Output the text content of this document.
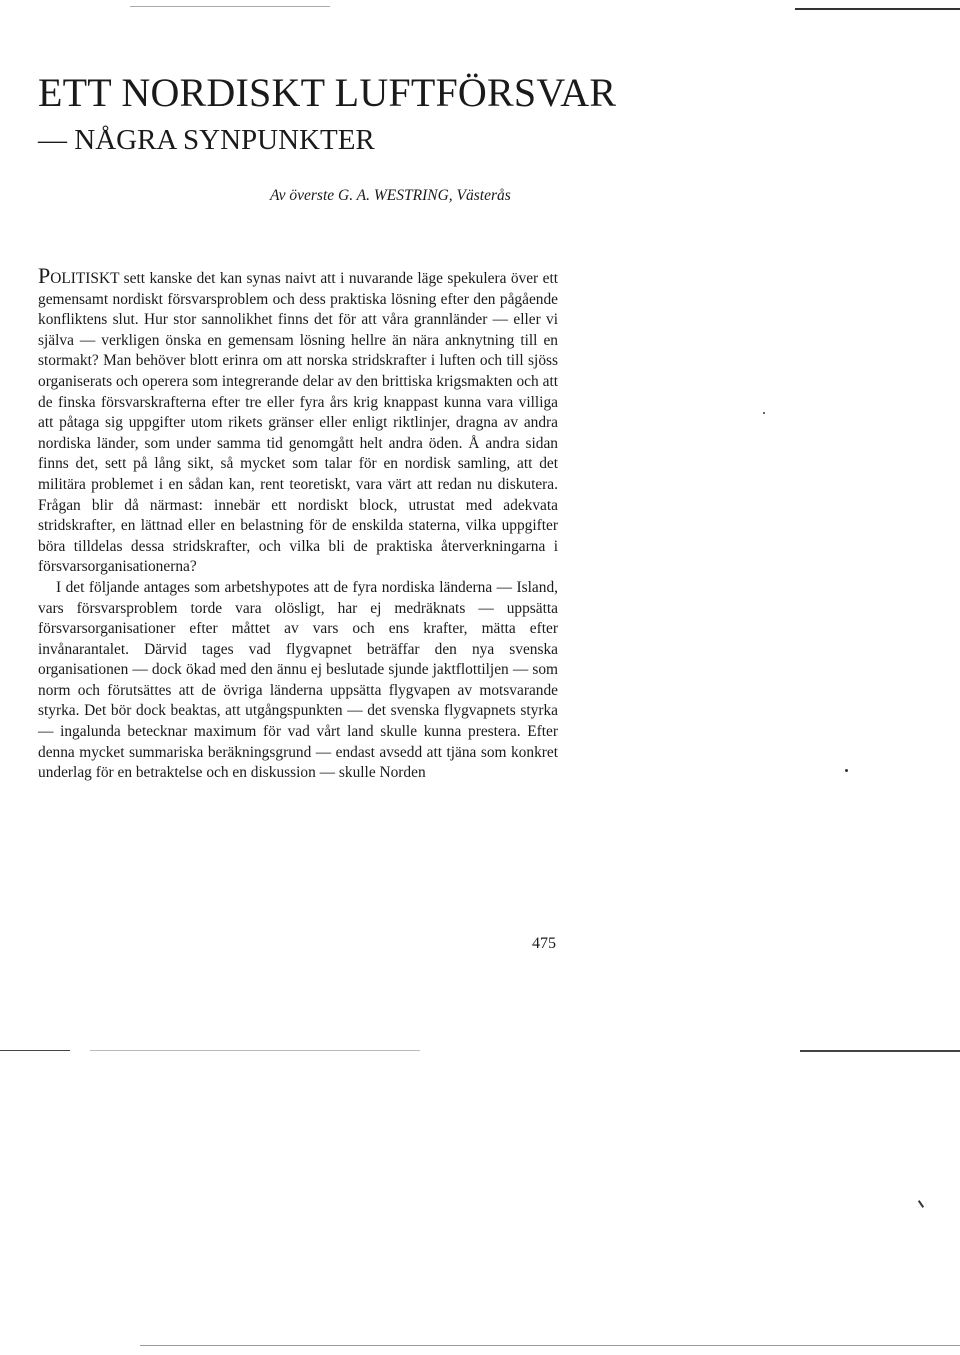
ETT NORDISKT LUFTFÖRSVAR
— NÅGRA SYNPUNKTER
Av överste G. A. WESTRING, Västerås

POLITISKT sett kanske det kan synas naivt att i nuvarande läge spekulera över ett gemensamt nordiskt försvarsproblem och dess praktiska lösning efter den pågående konfliktens slut. Hur stor sannolikhet finns det för att våra grannländer — eller vi själva — verkligen önska en gemensam lösning hellre än nära anknytning till en stormakt? Man behöver blott erinra om att norska stridskrafter i luften och till sjöss organiserats och operera som integrerande delar av den brittiska krigsmakten och att de finska försvarskrafterna efter tre eller fyra års krig knappast kunna vara villiga att påtaga sig uppgifter utom rikets gränser eller enligt riktlinjer, dragna av andra nordiska länder, som under samma tid genomgått helt andra öden. Å andra sidan finns det, sett på lång sikt, så mycket som talar för en nordisk samling, att det militära problemet i en sådan kan, rent teoretiskt, vara värt att redan nu diskutera. Frågan blir då närmast: innebär ett nordiskt block, utrustat med adekvata stridskrafter, en lättnad eller en belastning för de enskilda staterna, vilka uppgifter böra tilldelas dessa stridskrafter, och vilka bli de praktiska återverkningarna i försvarsorganisationerna?

I det följande antages som arbetshypotes att de fyra nordiska länderna — Island, vars försvarsproblem torde vara olösligt, har ej medräknats — uppsätta försvarsorganisationer efter måttet av vars och ens krafter, mätta efter invånarantalet. Därvid tages vad flygvapnet beträffar den nya svenska organisationen — dock ökad med den ännu ej beslutade sjunde jaktflottiljen — som norm och förutsättes att de övriga länderna uppsätta flygvapen av motsvarande styrka. Det bör dock beaktas, att utgångspunkten — det svenska flygvapnets styrka — ingalunda betecknar maximum för vad vårt land skulle kunna prestera. Efter denna mycket summariska beräkningsgrund — endast avsedd att tjäna som konkret underlag för en betraktelse och en diskussion — skulle Norden

475
